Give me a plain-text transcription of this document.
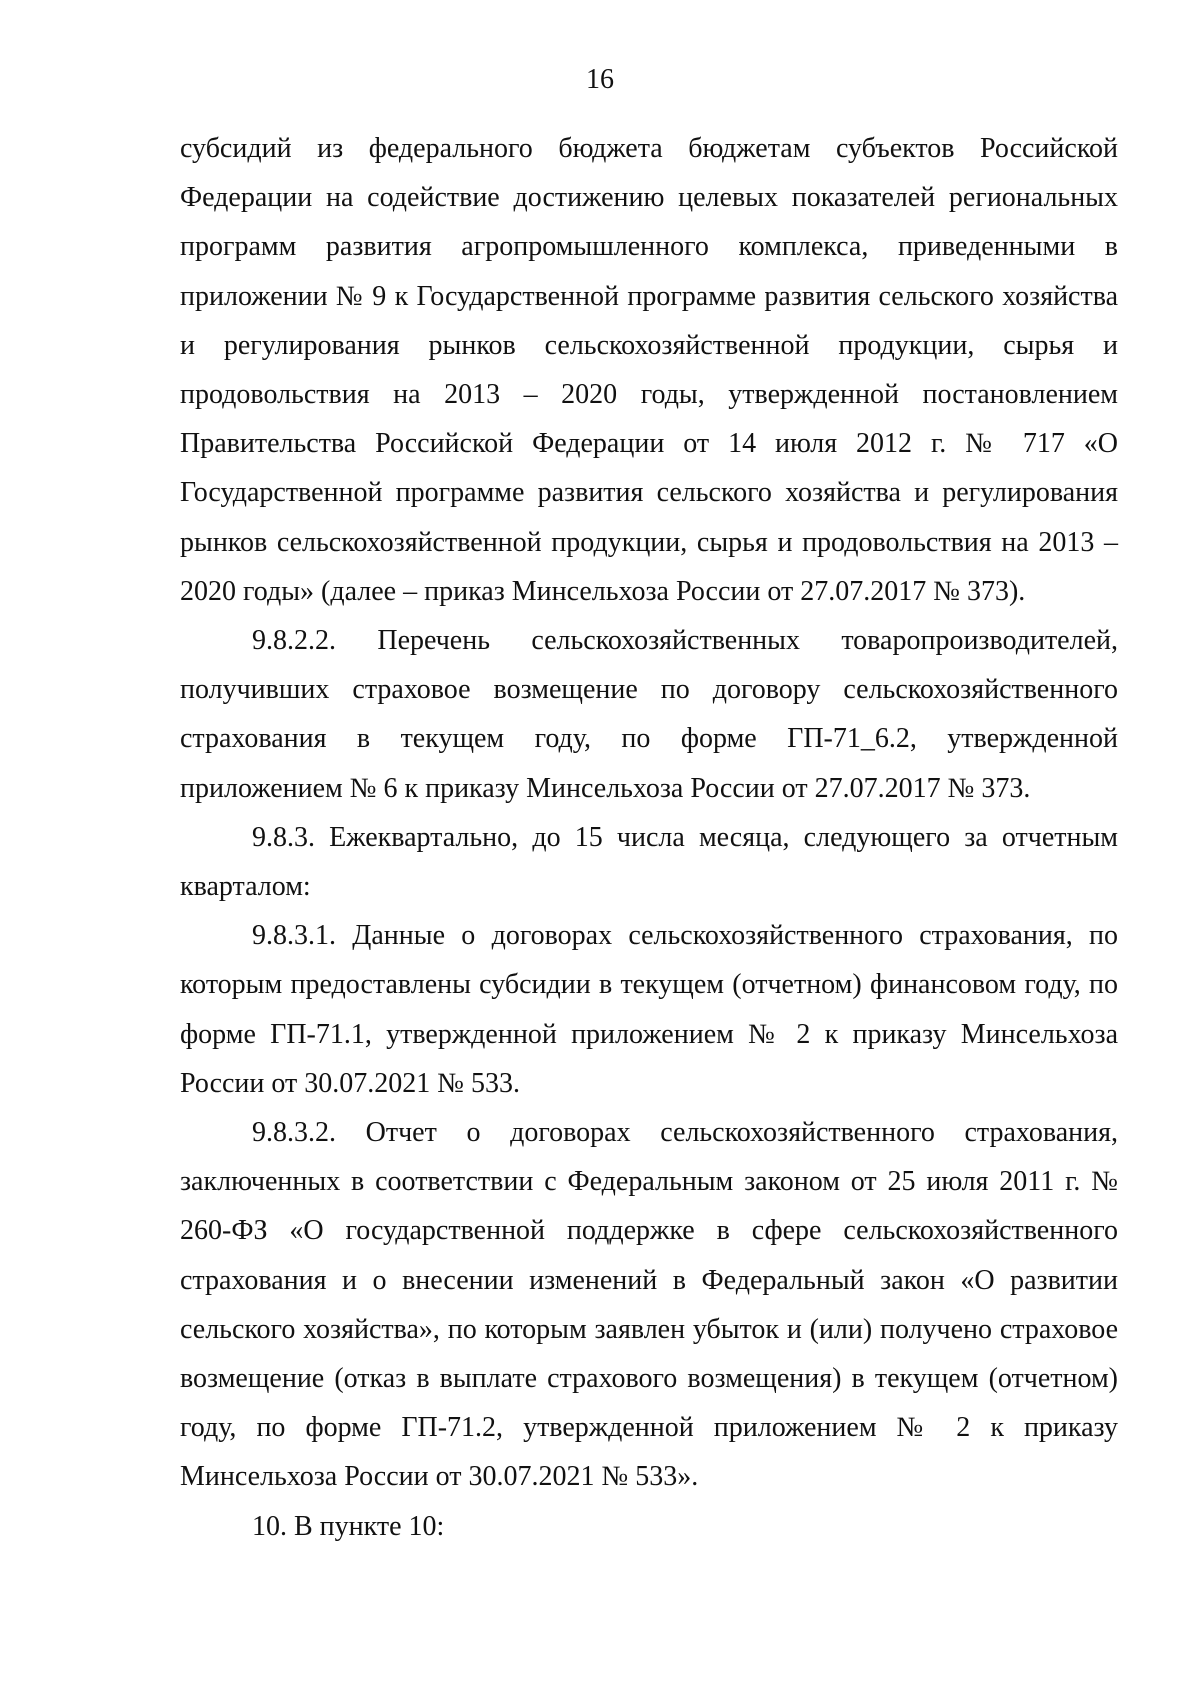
16

субсидий из федерального бюджета бюджетам субъектов Российской Федерации на содействие достижению целевых показателей региональных программ развития агропромышленного комплекса, приведенными в приложении № 9 к Государственной программе развития сельского хозяйства и регулирования рынков сельскохозяйственной продукции, сырья и продовольствия на 2013 – 2020 годы, утвержденной постановлением Правительства Российской Федерации от 14 июля 2012 г. № 717 «О Государственной программе развития сельского хозяйства и регулирования рынков сельскохозяйственной продукции, сырья и продовольствия на 2013 – 2020 годы» (далее – приказ Минсельхоза России от 27.07.2017 № 373).

9.8.2.2. Перечень сельскохозяйственных товаропроизводителей, получивших страховое возмещение по договору сельскохозяйственного страхования в текущем году, по форме ГП-71_6.2, утвержденной приложением № 6 к приказу Минсельхоза России от 27.07.2017 № 373.

9.8.3. Ежеквартально, до 15 числа месяца, следующего за отчетным кварталом:

9.8.3.1. Данные о договорах сельскохозяйственного страхования, по которым предоставлены субсидии в текущем (отчетном) финансовом году, по форме ГП-71.1, утвержденной приложением № 2 к приказу Минсельхоза России от 30.07.2021 № 533.

9.8.3.2. Отчет о договорах сельскохозяйственного страхования, заключенных в соответствии с Федеральным законом от 25 июля 2011 г. № 260-ФЗ «О государственной поддержке в сфере сельскохозяйственного страхования и о внесении изменений в Федеральный закон «О развитии сельского хозяйства», по которым заявлен убыток и (или) получено страховое возмещение (отказ в выплате страхового возмещения) в текущем (отчетном) году, по форме ГП-71.2, утвержденной приложением № 2 к приказу Минсельхоза России от 30.07.2021 № 533».

10. В пункте 10:
